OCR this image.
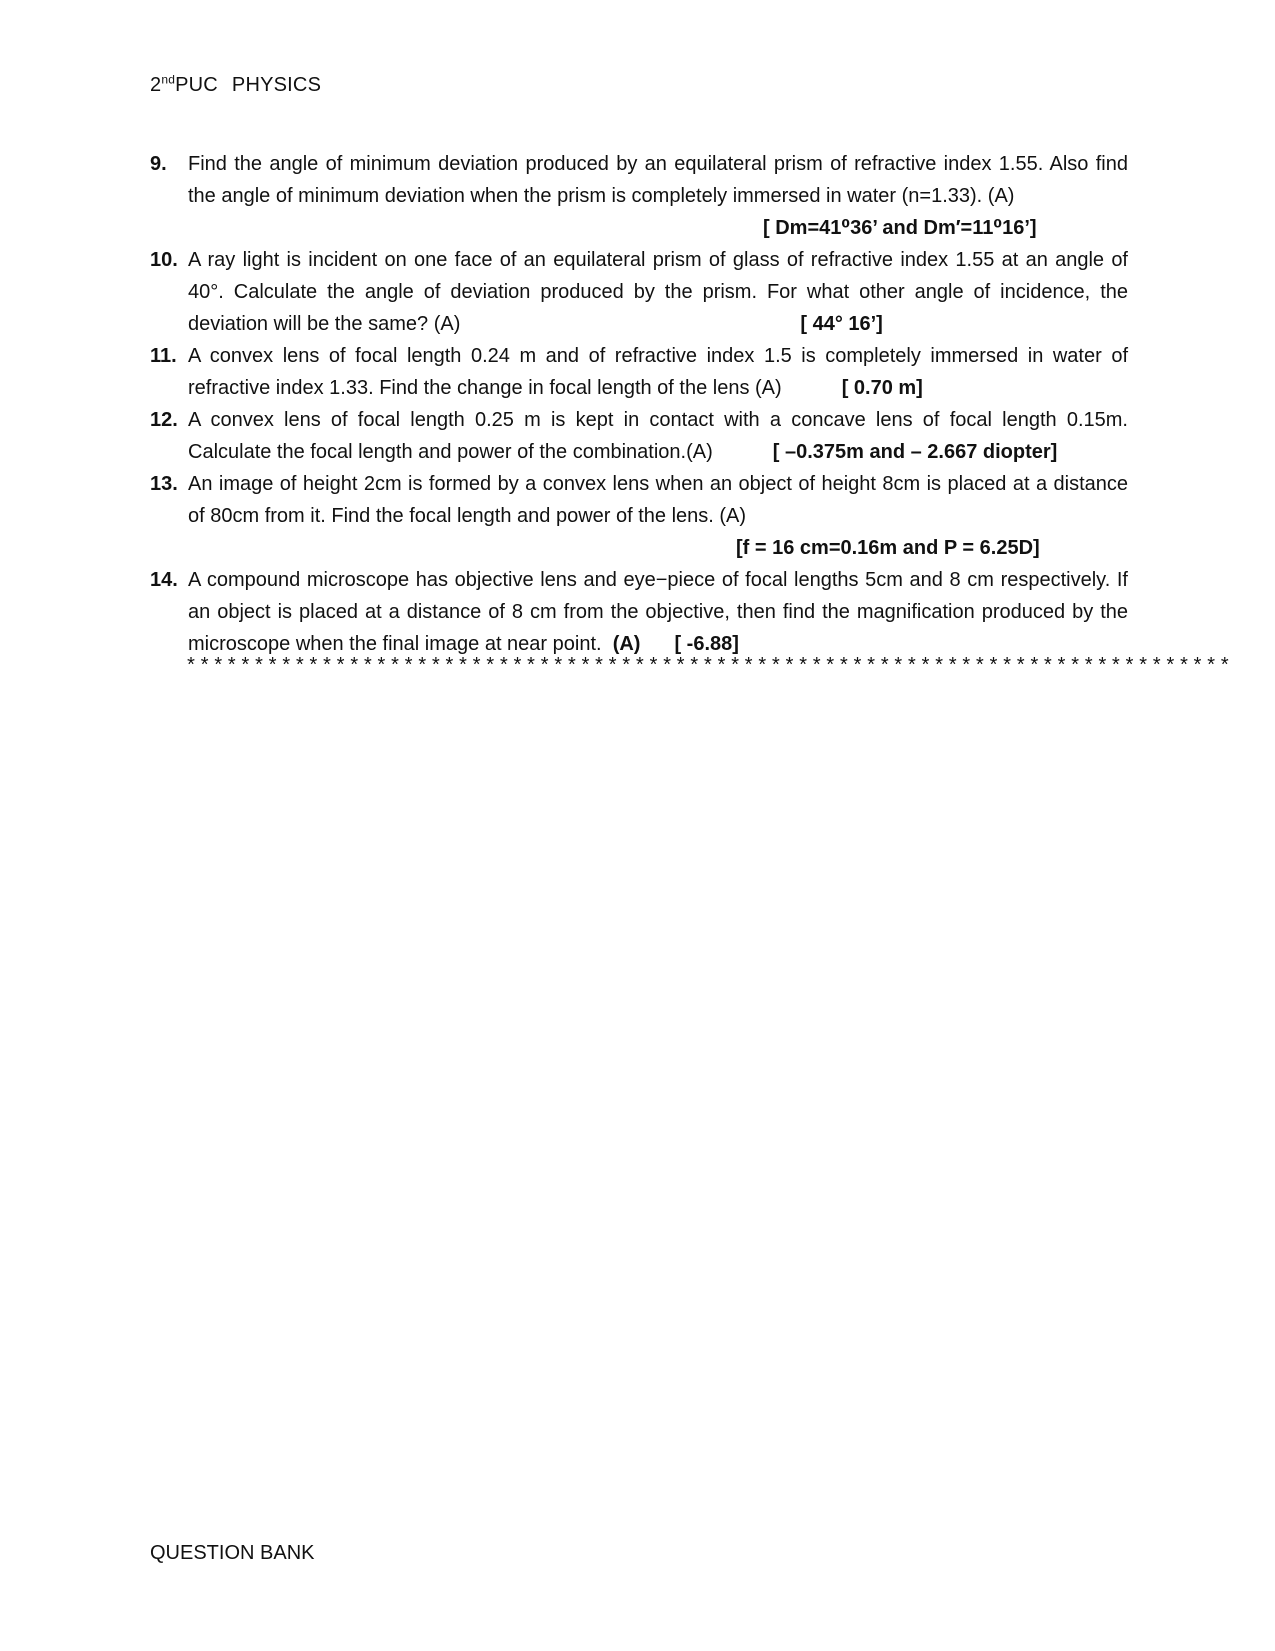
2ndPUC PHYSICS
9. Find the angle of minimum deviation produced by an equilateral prism of refractive index 1.55. Also find the angle of minimum deviation when the prism is completely immersed in water (n=1.33). (A)
[ Dm=41⁰36’ and Dm′=11⁰16’]
10. A ray light is incident on one face of an equilateral prism of glass of refractive index 1.55 at an angle of 40°. Calculate the angle of deviation produced by the prism. For what other angle of incidence, the deviation will be the same? (A)	[ 44° 16’]
11. A convex lens of focal length 0.24 m and of refractive index 1.5 is completely immersed in water of refractive index 1.33. Find the change in focal length of the lens (A)	[ 0.70 m]
12. A convex lens of focal length 0.25 m is kept in contact with a concave lens of focal length 0.15m. Calculate the focal length and power of the combination.(A)	[ –0.375m and – 2.667 diopter]
13. An image of height 2cm is formed by a convex lens when an object of height 8cm is placed at a distance of 80cm from it. Find the focal length and power of the lens. (A)
[f = 16 cm=0.16m and P = 6.25D]
14. A compound microscope has objective lens and eye−piece of focal lengths 5cm and 8 cm respectively. If an object is placed at a distance of 8 cm from the objective, then find the magnification produced by the microscope when the final image at near point. (A) [ -6.88]
*****************************************************************************
QUESTION BANK
